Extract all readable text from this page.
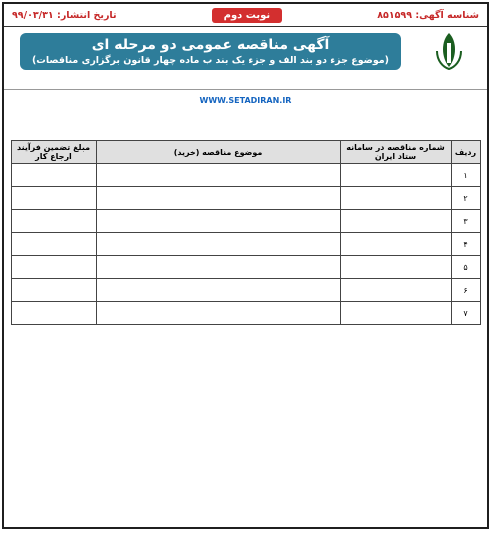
تاریخ انتشار: ۹۹/۰۳/۳۱	نوبت دوم	شناسه آگهی: ۸۵۱۵۹۹
آگهی مناقصه عمومی دو مرحله ای
(موضوع جزء دو بند الف و جزء یک بند ب ماده چهار قانون برگزاری مناقصات)
WWW.SETADIRAN.IR
ردیف	شماره مناقصه در سامانه ستاد ایران	موضوع مناقصه (خرید)	مبلغ تضمین فرآیند ارجاع کار
۱			
۲			
۳			
۴			
۵			
۶			
۷			
